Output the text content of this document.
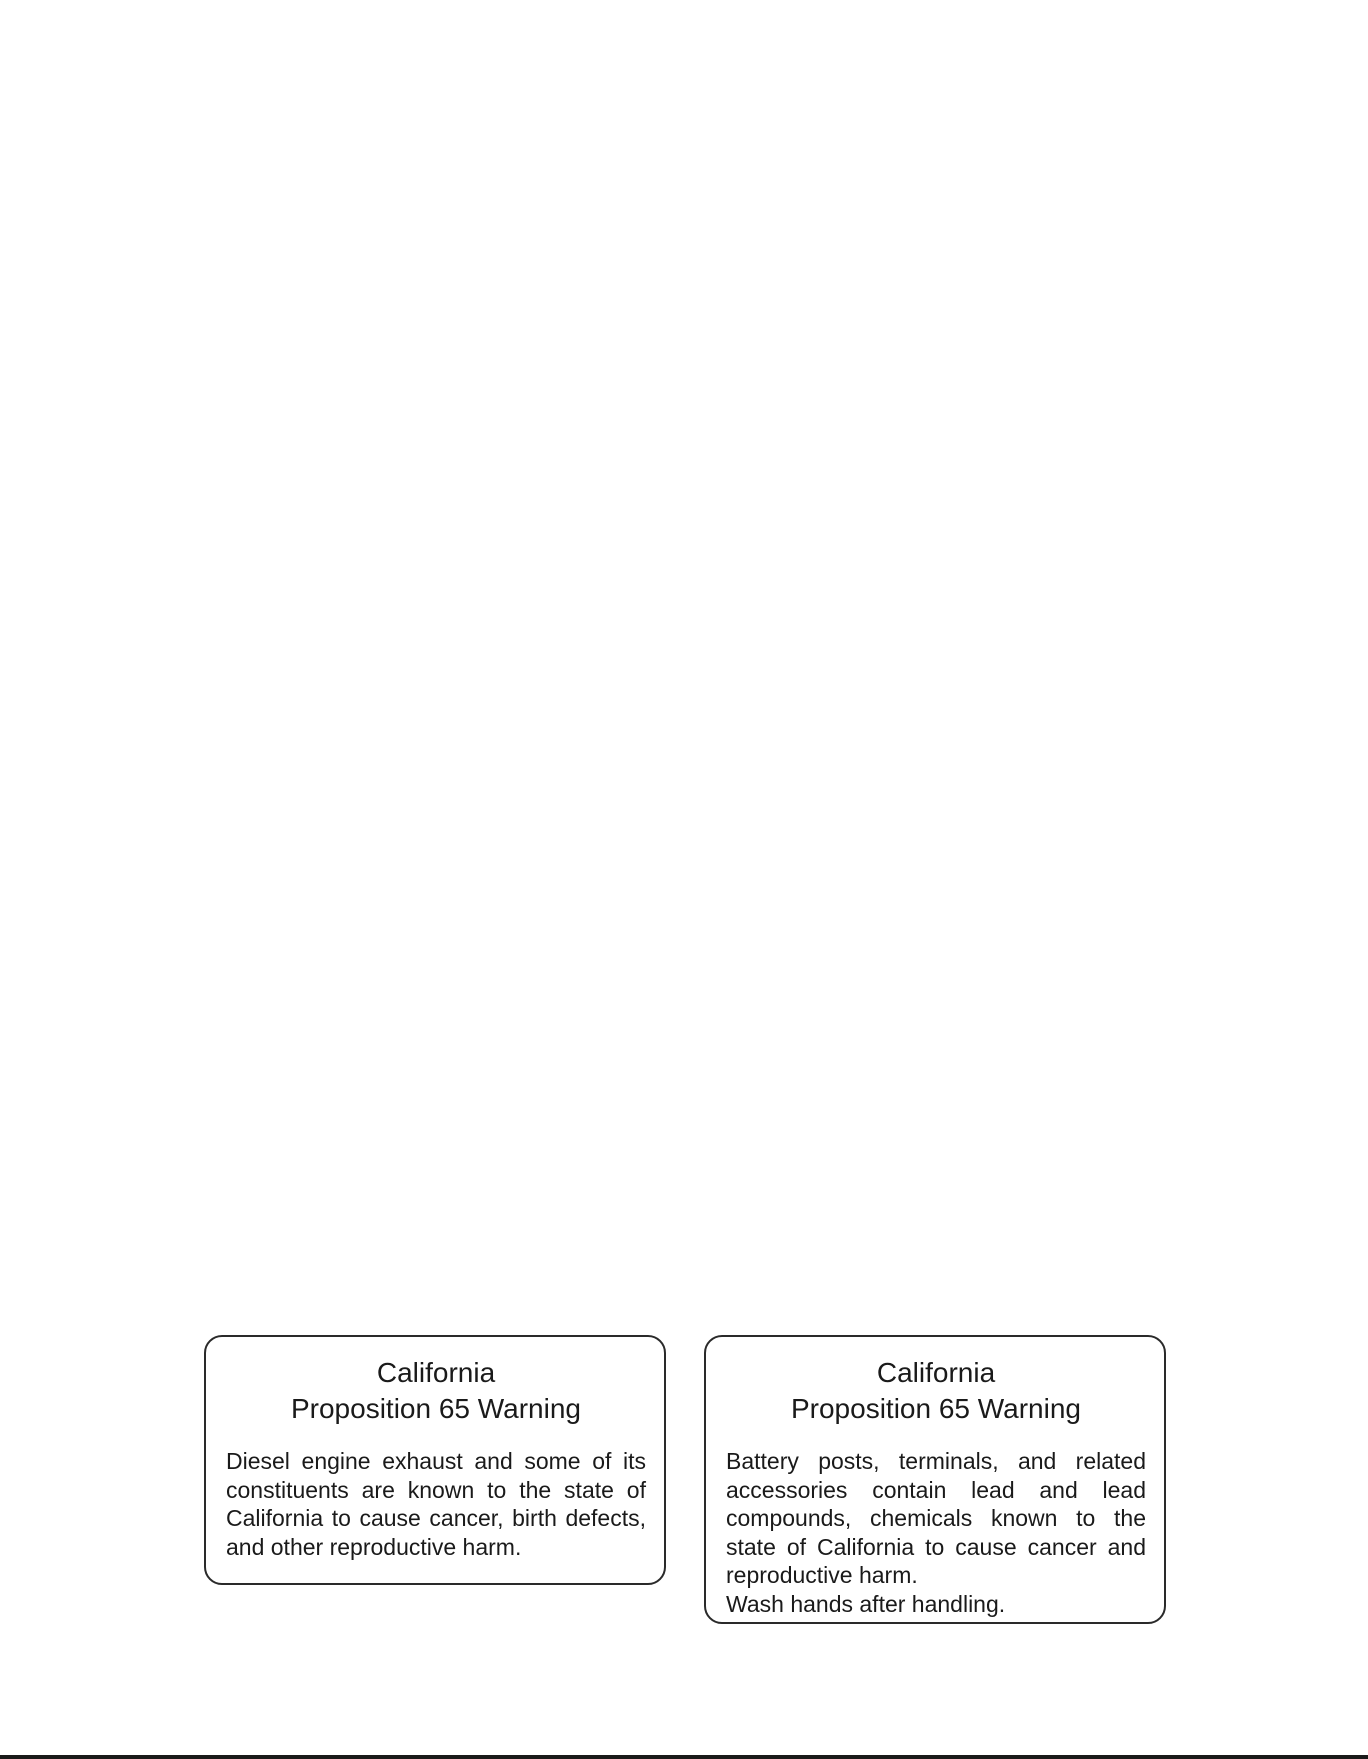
California
Proposition 65 Warning

Diesel engine exhaust and some of its constituents are known to the state of California to cause cancer, birth defects, and other reproductive harm.

California
Proposition 65 Warning

Battery posts, terminals, and related accessories contain lead and lead compounds, chemicals known to the state of California to cause cancer and reproductive harm.

Wash hands after handling.
